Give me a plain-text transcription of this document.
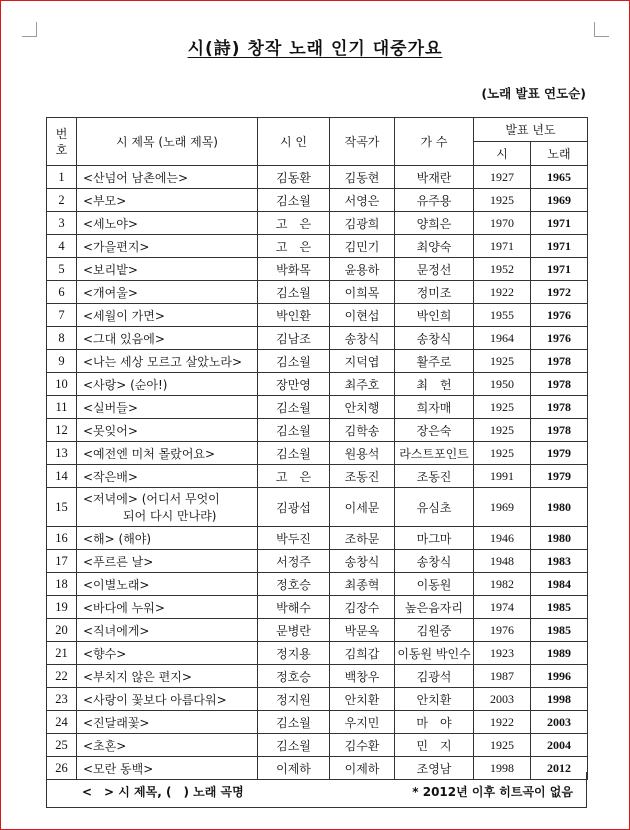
시(詩) 창작 노래 인기 대중가요
(노래 발표 연도순)
번호	시 제목 (노래 제목)	시 인	작곡가	가 수	발표 년도	
					시	노래
1	<산넘어 남촌에는>	김동환	김동현	박재란	1927	1965
2	<부모>	김소월	서영은	유주용	1925	1969
3	<세노야>	고　은	김광희	양희은	1970	1971
4	<가을편지>	고　은	김민기	최양숙	1971	1971
5	<보리밭>	박화목	윤용하	문정선	1952	1971
6	<개여울>	김소월	이희목	정미조	1922	1972
7	<세월이 가면>	박인환	이현섭	박인희	1955	1976
8	<그대 있음에>	김남조	송창식	송창식	1964	1976
9	<나는 세상 모르고 살았노라>	김소월	지덕엽	활주로	1925	1978
10	<사랑> (순아!)	장만영	최주호	최　헌	1950	1978
11	<실버들>	김소월	안치행	희자매	1925	1978
12	<못잊어>	김소월	김학송	장은숙	1925	1978
13	<예전엔 미처 몰랐어요>	김소월	원용석	라스트포인트	1925	1979
14	<작은배>	고　은	조동진	조동진	1991	1979
15	<저녁에> (어디서 무엇이
되어 다시 만나랴)	김광섭	이세문	유심초	1969	1980
16	<해> (해야)	박두진	조하문	마그마	1946	1980
17	<푸르른 날>	서정주	송창식	송창식	1948	1983
18	<이별노래>	정호승	최종혁	이동원	1982	1984
19	<바다에 누워>	박해수	김장수	높은음자리	1974	1985
20	<직녀에게>	문병란	박문옥	김원중	1976	1985
21	<향수>	정지용	김희갑	이동원 박인수	1923	1989
22	<부치지 않은 편지>	정호승	백창우	김광석	1987	1996
23	<사랑이 꽃보다 아름다워>	정지원	안치환	안치환	2003	1998
24	<진달래꽃>	김소월	우지민	마　야	1922	2003
25	<초혼>	김소월	김수환	민　지	1925	2004
26	<모란 동백>	이제하	이제하	조영남	1998	2012
<　> 시 제목, (　) 노래 곡명	* 2012년 이후 히트곡이 없음
